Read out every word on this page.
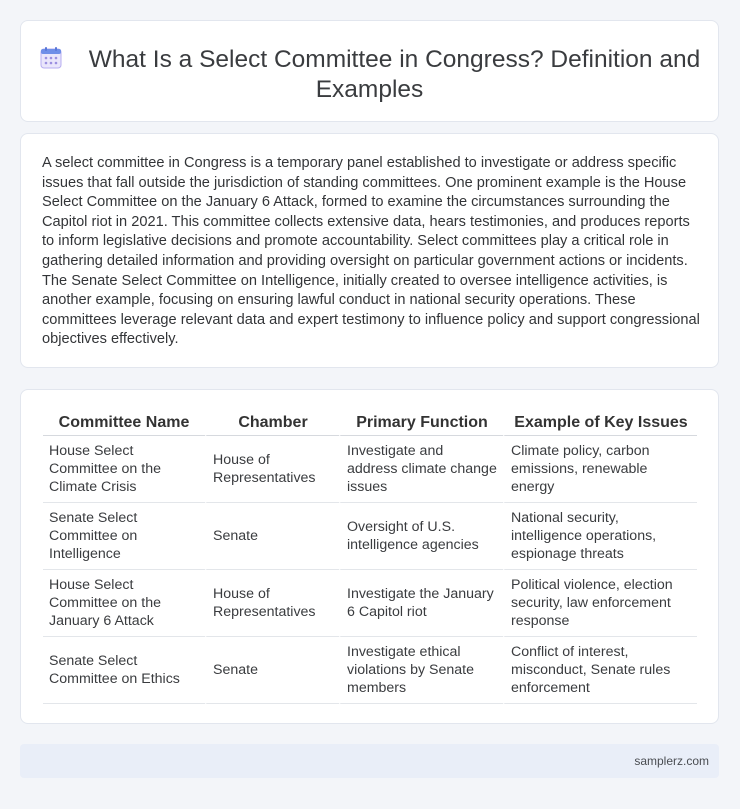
What Is a Select Committee in Congress? Definition and Examples

A select committee in Congress is a temporary panel established to investigate or address specific issues that fall outside the jurisdiction of standing committees. One prominent example is the House Select Committee on the January 6 Attack, formed to examine the circumstances surrounding the Capitol riot in 2021. This committee collects extensive data, hears testimonies, and produces reports to inform legislative decisions and promote accountability. Select committees play a critical role in gathering detailed information and providing oversight on particular government actions or incidents. The Senate Select Committee on Intelligence, initially created to oversee intelligence activities, is another example, focusing on ensuring lawful conduct in national security operations. These committees leverage relevant data and expert testimony to influence policy and support congressional objectives effectively.

Committee Name	Chamber	Primary Function	Example of Key Issues
House Select Committee on the Climate Crisis	House of Representatives	Investigate and address climate change issues	Climate policy, carbon emissions, renewable energy
Senate Select Committee on Intelligence	Senate	Oversight of U.S. intelligence agencies	National security, intelligence operations, espionage threats
House Select Committee on the January 6 Attack	House of Representatives	Investigate the January 6 Capitol riot	Political violence, election security, law enforcement response
Senate Select Committee on Ethics	Senate	Investigate ethical violations by Senate members	Conflict of interest, misconduct, Senate rules enforcement
samplerz.com
